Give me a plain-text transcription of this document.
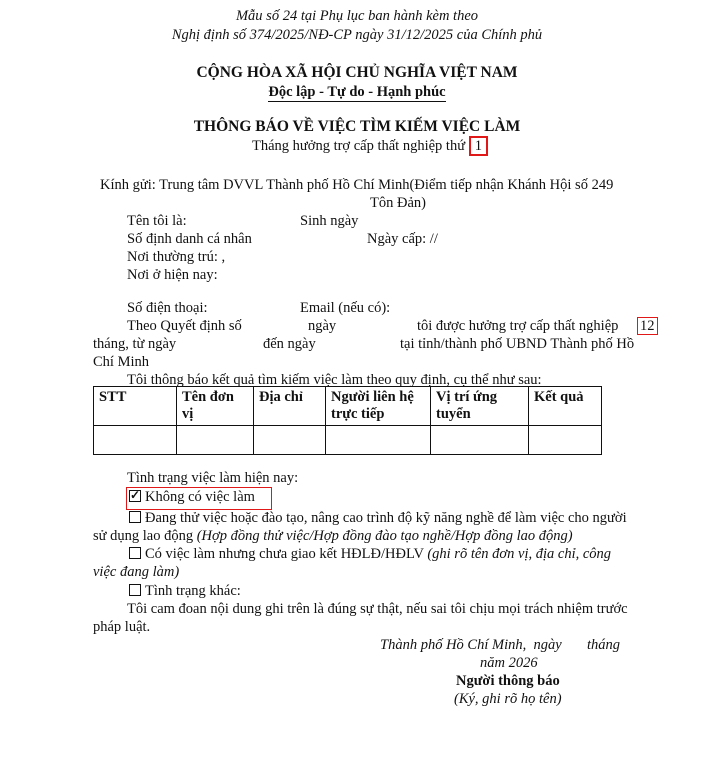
Mẫu số 24 tại Phụ lục ban hành kèm theo
Nghị định số 374/2025/NĐ-CP ngày 31/12/2025 của Chính phủ
CỘNG HÒA XÃ HỘI CHỦ NGHĨA VIỆT NAM
Độc lập - Tự do - Hạnh phúc
THÔNG BÁO VỀ VIỆC TÌM KIẾM VIỆC LÀM
Tháng hưởng trợ cấp thất nghiệp thứ 1
Kính gửi: Trung tâm DVVL Thành phố Hồ Chí Minh(Điểm tiếp nhận Khánh Hội số 249
Tôn Đản)
Tên tôi là:	Sinh ngày
Số định danh cá nhân	Ngày cấp: //
Nơi thường trú: ,
Nơi ở hiện nay:
Số điện thoại:	Email (nếu có):
Theo Quyết định số	ngày	tôi được hưởng trợ cấp thất nghiệp 12
tháng, từ ngày	đến ngày	tại tỉnh/thành phố UBND Thành phố Hồ
Chí Minh
Tôi thông báo kết quả tìm kiếm việc làm theo quy định, cụ thể như sau:
STT	Tên đơn vị	Địa chỉ	Người liên hệ trực tiếp	Vị trí ứng tuyển	Kết quả

Tình trạng việc làm hiện nay:
✓Không có việc làm
Đang thử việc hoặc đào tạo, nâng cao trình độ kỹ năng nghề để làm việc cho người
sử dụng lao động (Hợp đồng thử việc/Hợp đồng đào tạo nghề/Hợp đồng lao động)
Có việc làm nhưng chưa giao kết HĐLĐ/HĐLV (ghi rõ tên đơn vị, địa chỉ, công
việc đang làm)
Tình trạng khác:
Tôi cam đoan nội dung ghi trên là đúng sự thật, nếu sai tôi chịu mọi trách nhiệm trước
pháp luật.
Thành phố Hồ Chí Minh,  ngày       tháng
năm 2026
Người thông báo
(Ký, ghi rõ họ tên)
